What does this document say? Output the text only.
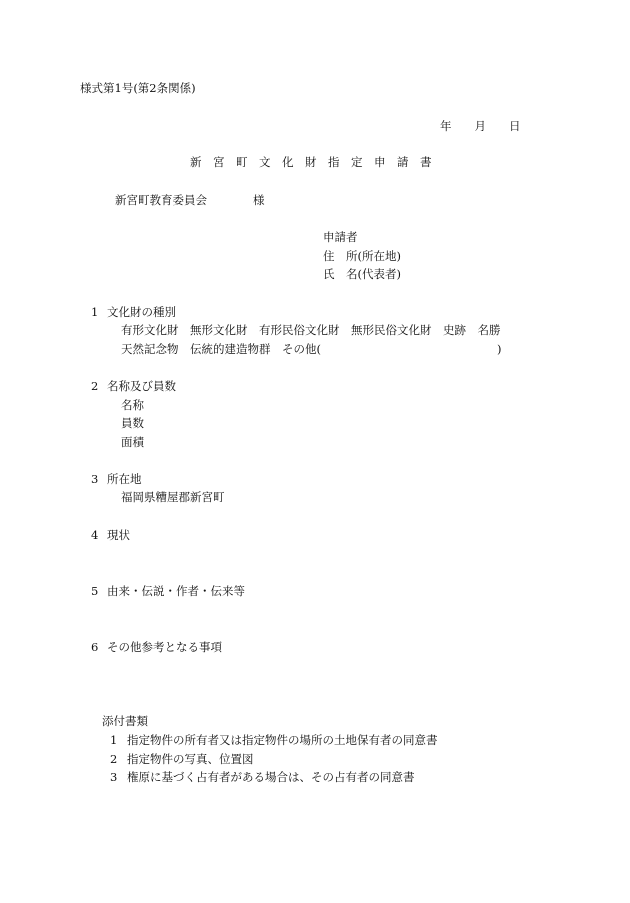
様式第1号(第2条関係)
年　　月　　日
新　宮　町　文　化　財　指　定　申　請　書
新宮町教育委員会　　　　様
申請者
住　所(所在地)
氏　名(代表者)
1 文化財の種別
有形文化財　無形文化財　有形民俗文化財　無形民俗文化財　史跡　名勝
天然記念物　伝統的建造物群　その他(	)
2 名称及び員数
名称
員数
面積
3 所在地
福岡県糟屋郡新宮町
4 現状
5 由来・伝説・作者・伝来等
6 その他参考となる事項
添付書類
1 指定物件の所有者又は指定物件の場所の土地保有者の同意書
2 指定物件の写真、位置図
3 権原に基づく占有者がある場合は、その占有者の同意書
